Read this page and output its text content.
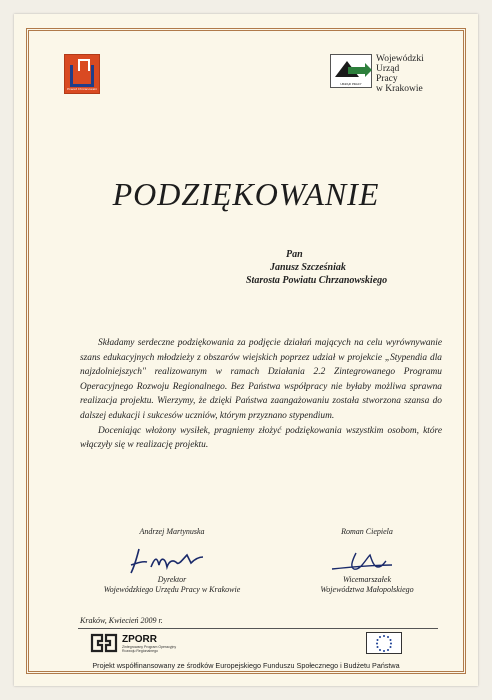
Powiat Chrzanowski
URZĄD PRACY
Wojewódzki
Urząd
Pracy
w Krakowie
PODZIĘKOWANIE
Pan
Janusz Szcześniak
Starosta Powiatu Chrzanowskiego

Składamy serdeczne podziękowania za podjęcie działań mających na celu wyrównywanie szans edukacyjnych młodzieży z obszarów wiejskich poprzez udział w projekcie „Stypendia dla najzdolniejszych" realizowanym w ramach Działania 2.2 Zintegrowanego Programu Operacyjnego Rozwoju Regionalnego. Bez Państwa współpracy nie byłaby możliwa sprawna realizacja projektu. Wierzymy, że dzięki Państwa zaangażowaniu została stworzona szansa do dalszej edukacji i sukcesów uczniów, którym przyznano stypendium.

Doceniając włożony wysiłek, pragniemy złożyć podziękowania wszystkim osobom, które włączyły się w realizację projektu.

Andrzej Martynuska
Dyrektor
Wojewódzkiego Urzędu Pracy w Krakowie
Roman Ciepiela
Wicemarszałek
Województwa Małopolskiego
Kraków, Kwiecień 2009 r.
ZPORR
Zintegrowany Program Operacyjny Rozwoju Regionalnego
Projekt współfinansowany ze środków Europejskiego Funduszu Społecznego i Budżetu Państwa
